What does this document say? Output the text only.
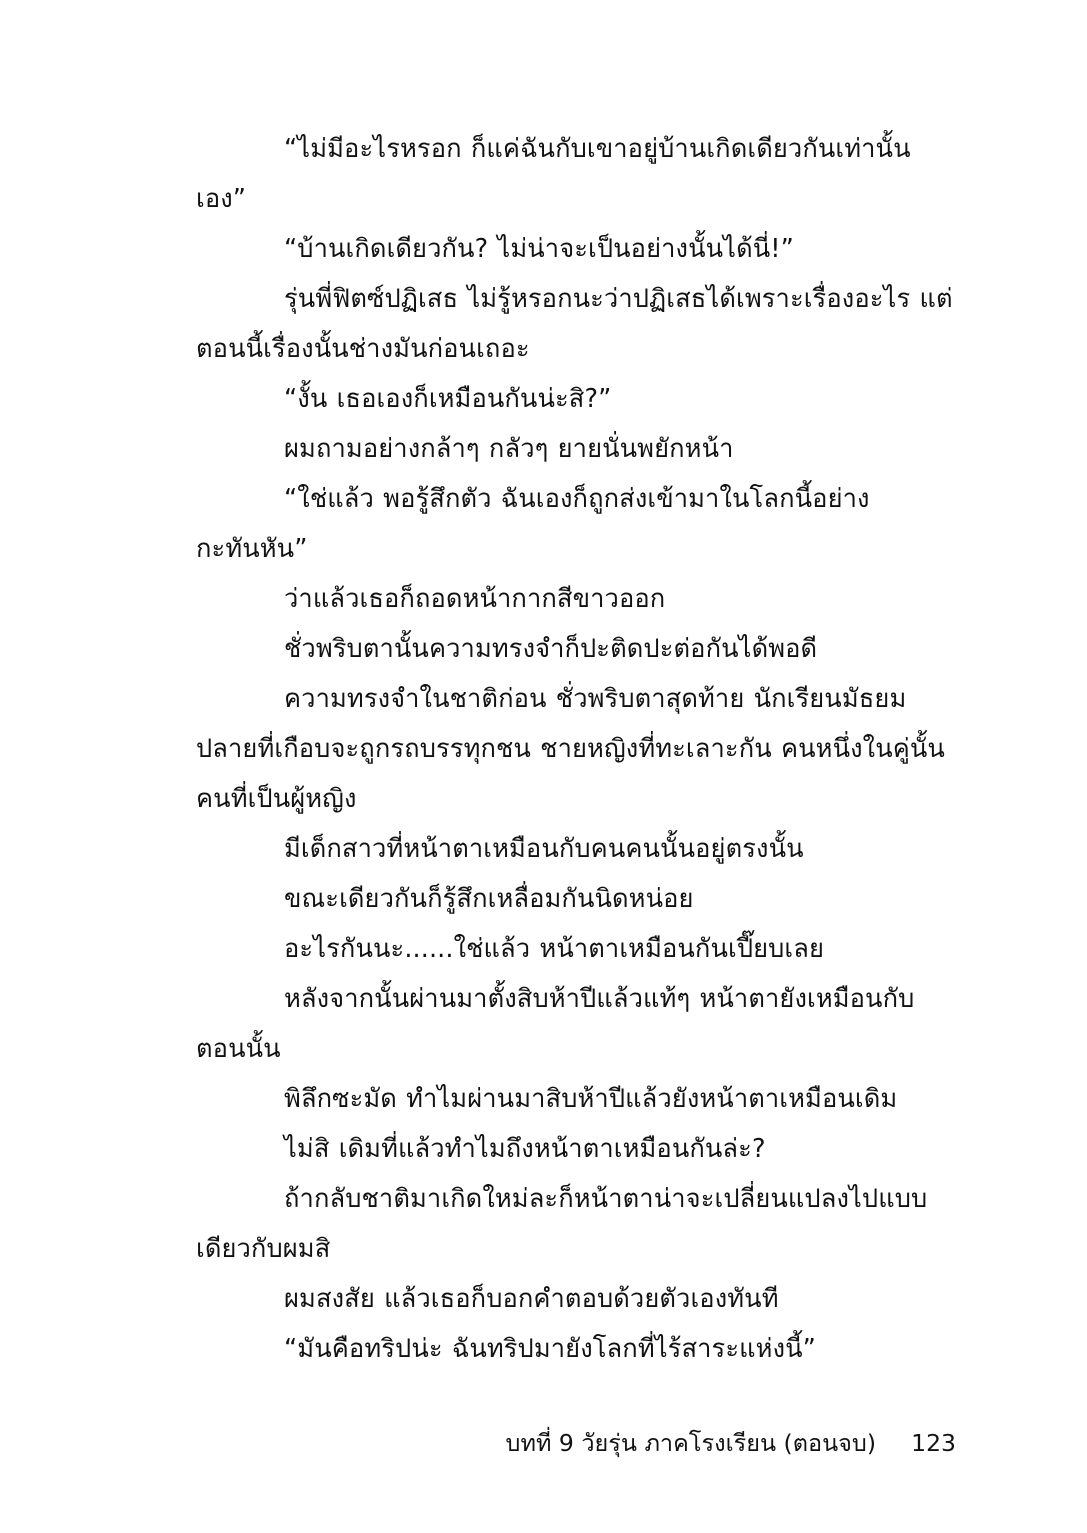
“ไม่มีอะไรหรอก ก็แค่ฉันกับเขาอยู่บ้านเกิดเดียวกันเท่านั้นเอง”

“บ้านเกิดเดียวกัน? ไม่น่าจะเป็นอย่างนั้นได้นี่!”

รุ่นพี่ฟิตซ์ปฏิเสธ ไม่รู้หรอกนะว่าปฏิเสธได้เพราะเรื่องอะไร แต่ตอนนี้เรื่องนั้นช่างมันก่อนเถอะ

“งั้น เธอเองก็เหมือนกันน่ะสิ?”

ผมถามอย่างกล้าๆ กลัวๆ ยายนั่นพยักหน้า

“ใช่แล้ว พอรู้สึกตัว ฉันเองก็ถูกส่งเข้ามาในโลกนี้อย่างกะทันหัน”

ว่าแล้วเธอก็ถอดหน้ากากสีขาวออก

ชั่วพริบตานั้นความทรงจำก็ปะติดปะต่อกันได้พอดี

ความทรงจำในชาติก่อน ชั่วพริบตาสุดท้าย นักเรียนมัธยมปลายที่เกือบจะถูกรถบรรทุกชน ชายหญิงที่ทะเลาะกัน คนหนึ่งในคู่นั้น คนที่เป็นผู้หญิง

มีเด็กสาวที่หน้าตาเหมือนกับคนคนนั้นอยู่ตรงนั้น

ขณะเดียวกันก็รู้สึกเหลื่อมกันนิดหน่อย

อะไรกันนะ......ใช่แล้ว หน้าตาเหมือนกันเปี๊ยบเลย

หลังจากนั้นผ่านมาตั้งสิบห้าปีแล้วแท้ๆ หน้าตายังเหมือนกับตอนนั้น

พิลึกซะมัด ทำไมผ่านมาสิบห้าปีแล้วยังหน้าตาเหมือนเดิม

ไม่สิ เดิมที่แล้วทำไมถึงหน้าตาเหมือนกันล่ะ?

ถ้ากลับชาติมาเกิดใหม่ละก็หน้าตาน่าจะเปลี่ยนแปลงไปแบบเดียวกับผมสิ

ผมสงสัย แล้วเธอก็บอกคำตอบด้วยตัวเองทันที

“มันคือทริปน่ะ ฉันทริปมายังโลกที่ไร้สาระแห่งนี้”

บทที่ 9 วัยรุ่น ภาคโรงเรียน (ตอนจบ) 123
